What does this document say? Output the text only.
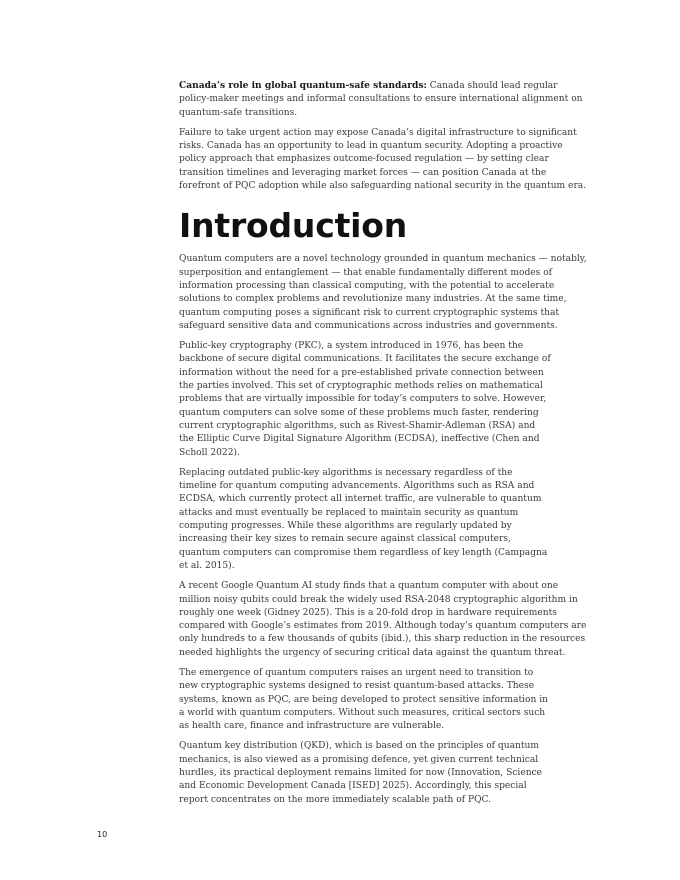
Canada’s role in global quantum-safe standards: Canada should lead regular policy-maker meetings and informal consultations to ensure international alignment on quantum-safe transitions.

Failure to take urgent action may expose Canada’s digital infrastructure to significant risks. Canada has an opportunity to lead in quantum security. Adopting a proactive policy approach that emphasizes outcome-focused regulation — by setting clear transition timelines and leveraging market forces — can position Canada at the forefront of PQC adoption while also safeguarding national security in the quantum era.

Introduction

Quantum computers are a novel technology grounded in quantum mechanics — notably, superposition and entanglement — that enable fundamentally different modes of information processing than classical computing, with the potential to accelerate solutions to complex problems and revolutionize many industries. At the same time, quantum computing poses a significant risk to current cryptographic systems that safeguard sensitive data and communications across industries and governments.

Public-key cryptography (PKC), a system introduced in 1976, has been the backbone of secure digital communications. It facilitates the secure exchange of information without the need for a pre-established private connection between the parties involved. This set of cryptographic methods relies on mathematical problems that are virtually impossible for today’s computers to solve. However, quantum computers can solve some of these problems much faster, rendering current cryptographic algorithms, such as Rivest-Shamir-Adleman (RSA) and the Elliptic Curve Digital Signature Algorithm (ECDSA), ineffective (Chen and Scholl 2022).

Replacing outdated public-key algorithms is necessary regardless of the timeline for quantum computing advancements. Algorithms such as RSA and ECDSA, which currently protect all internet traffic, are vulnerable to quantum attacks and must eventually be replaced to maintain security as quantum computing progresses. While these algorithms are regularly updated by increasing their key sizes to remain secure against classical computers, quantum computers can compromise them regardless of key length (Campagna et al. 2015).

A recent Google Quantum AI study finds that a quantum computer with about one million noisy qubits could break the widely used RSA-2048 cryptographic algorithm in roughly one week (Gidney 2025). This is a 20-fold drop in hardware requirements compared with Google’s estimates from 2019. Although today’s quantum computers are only hundreds to a few thousands of qubits (ibid.), this sharp reduction in the resources needed highlights the urgency of securing critical data against the quantum threat.

The emergence of quantum computers raises an urgent need to transition to new cryptographic systems designed to resist quantum-based attacks. These systems, known as PQC, are being developed to protect sensitive information in a world with quantum computers. Without such measures, critical sectors such as health care, finance and infrastructure are vulnerable.

Quantum key distribution (QKD), which is based on the principles of quantum mechanics, is also viewed as a promising defence, yet given current technical hurdles, its practical deployment remains limited for now (Innovation, Science and Economic Development Canada [ISED] 2025). Accordingly, this special report concentrates on the more immediately scalable path of PQC.

10
